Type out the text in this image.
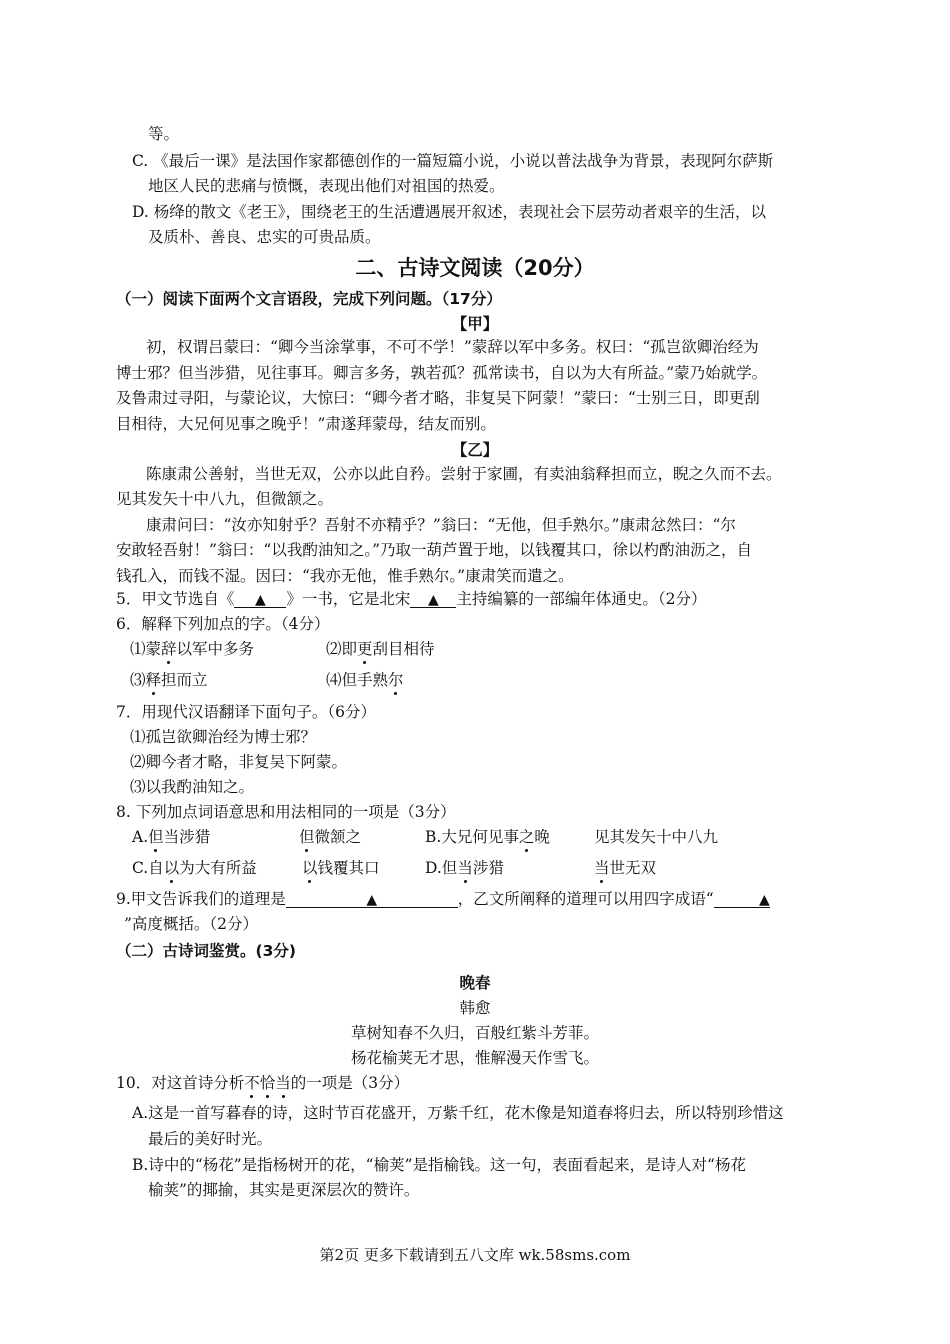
等。
C. 《最后一课》是法国作家都德创作的一篇短篇小说，小说以普法战争为背景，表现阿尔萨斯
地区人民的悲痛与愤慨，表现出他们对祖国的热爱。
D. 杨绛的散文《老王》，围绕老王的生活遭遇展开叙述，表现社会下层劳动者艰辛的生活，以
及质朴、善良、忠实的可贵品质。
二、古诗文阅读（20分）
（一）阅读下面两个文言语段，完成下列问题。（17分）
【甲】
初，权谓吕蒙曰：“卿今当涂掌事，不可不学！”蒙辞以军中多务。权曰：“孤岂欲卿治经为
博士邪？但当涉猎，见往事耳。卿言多务，孰若孤？孤常读书，自以为大有所益。”蒙乃始就学。
及鲁肃过寻阳，与蒙论议，大惊曰：“卿今者才略，非复吴下阿蒙！”蒙曰：“士别三日，即更刮
目相待，大兄何见事之晚乎！”肃遂拜蒙母，结友而别。
【乙】
陈康肃公善射，当世无双，公亦以此自矜。尝射于家圃，有卖油翁释担而立，睨之久而不去。
见其发矢十中八九，但微颔之。
康肃问曰：“汝亦知射乎？吾射不亦精乎？”翁曰：“无他，但手熟尔。”康肃忿然曰：“尔
安敢轻吾射！”翁曰：“以我酌油知之。”乃取一葫芦置于地，以钱覆其口，徐以杓酌油沥之，自
钱孔入，而钱不湿。因曰：“我亦无他，惟手熟尔。”康肃笑而遣之。
5．甲文节选自《 ▲ 》一书，它是北宋 ▲ 主持编纂的一部编年体通史。（2分）
6．解释下列加点的字。（4分）
⑴蒙辞以军中多务	⑵即更刮目相待
⑶释担而立	⑷但手熟尔
7．用现代汉语翻译下面句子。（6分）
⑴孤岂欲卿治经为博士邪？
⑵卿今者才略，非复吴下阿蒙。
⑶以我酌油知之。
8. 下列加点词语意思和用法相同的一项是（3分）
A.但当涉猎	但微颔之	B.大兄何见事之晚	见其发矢十中八九
C.自以为大有所益	以钱覆其口	D.但当涉猎	当世无双
9.甲文告诉我们的道理是	▲	，乙文所阐释的道理可以用四字成语“	▲
”高度概括。（2分）
（二）古诗词鉴赏。(3分)
晚春
韩愈
草树知春不久归，百般红紫斗芳菲。
杨花榆荚无才思，惟解漫天作雪飞。
10．对这首诗分析不恰当的一项是（3分）
A.这是一首写暮春的诗，这时节百花盛开，万紫千红，花木像是知道春将归去，所以特别珍惜这
最后的美好时光。
B.诗中的“杨花”是指杨树开的花，“榆荚”是指榆钱。这一句，表面看起来，是诗人对“杨花
榆荚”的揶揄，其实是更深层次的赞许。
第2页 更多下载请到五八文库 wk.58sms.com
